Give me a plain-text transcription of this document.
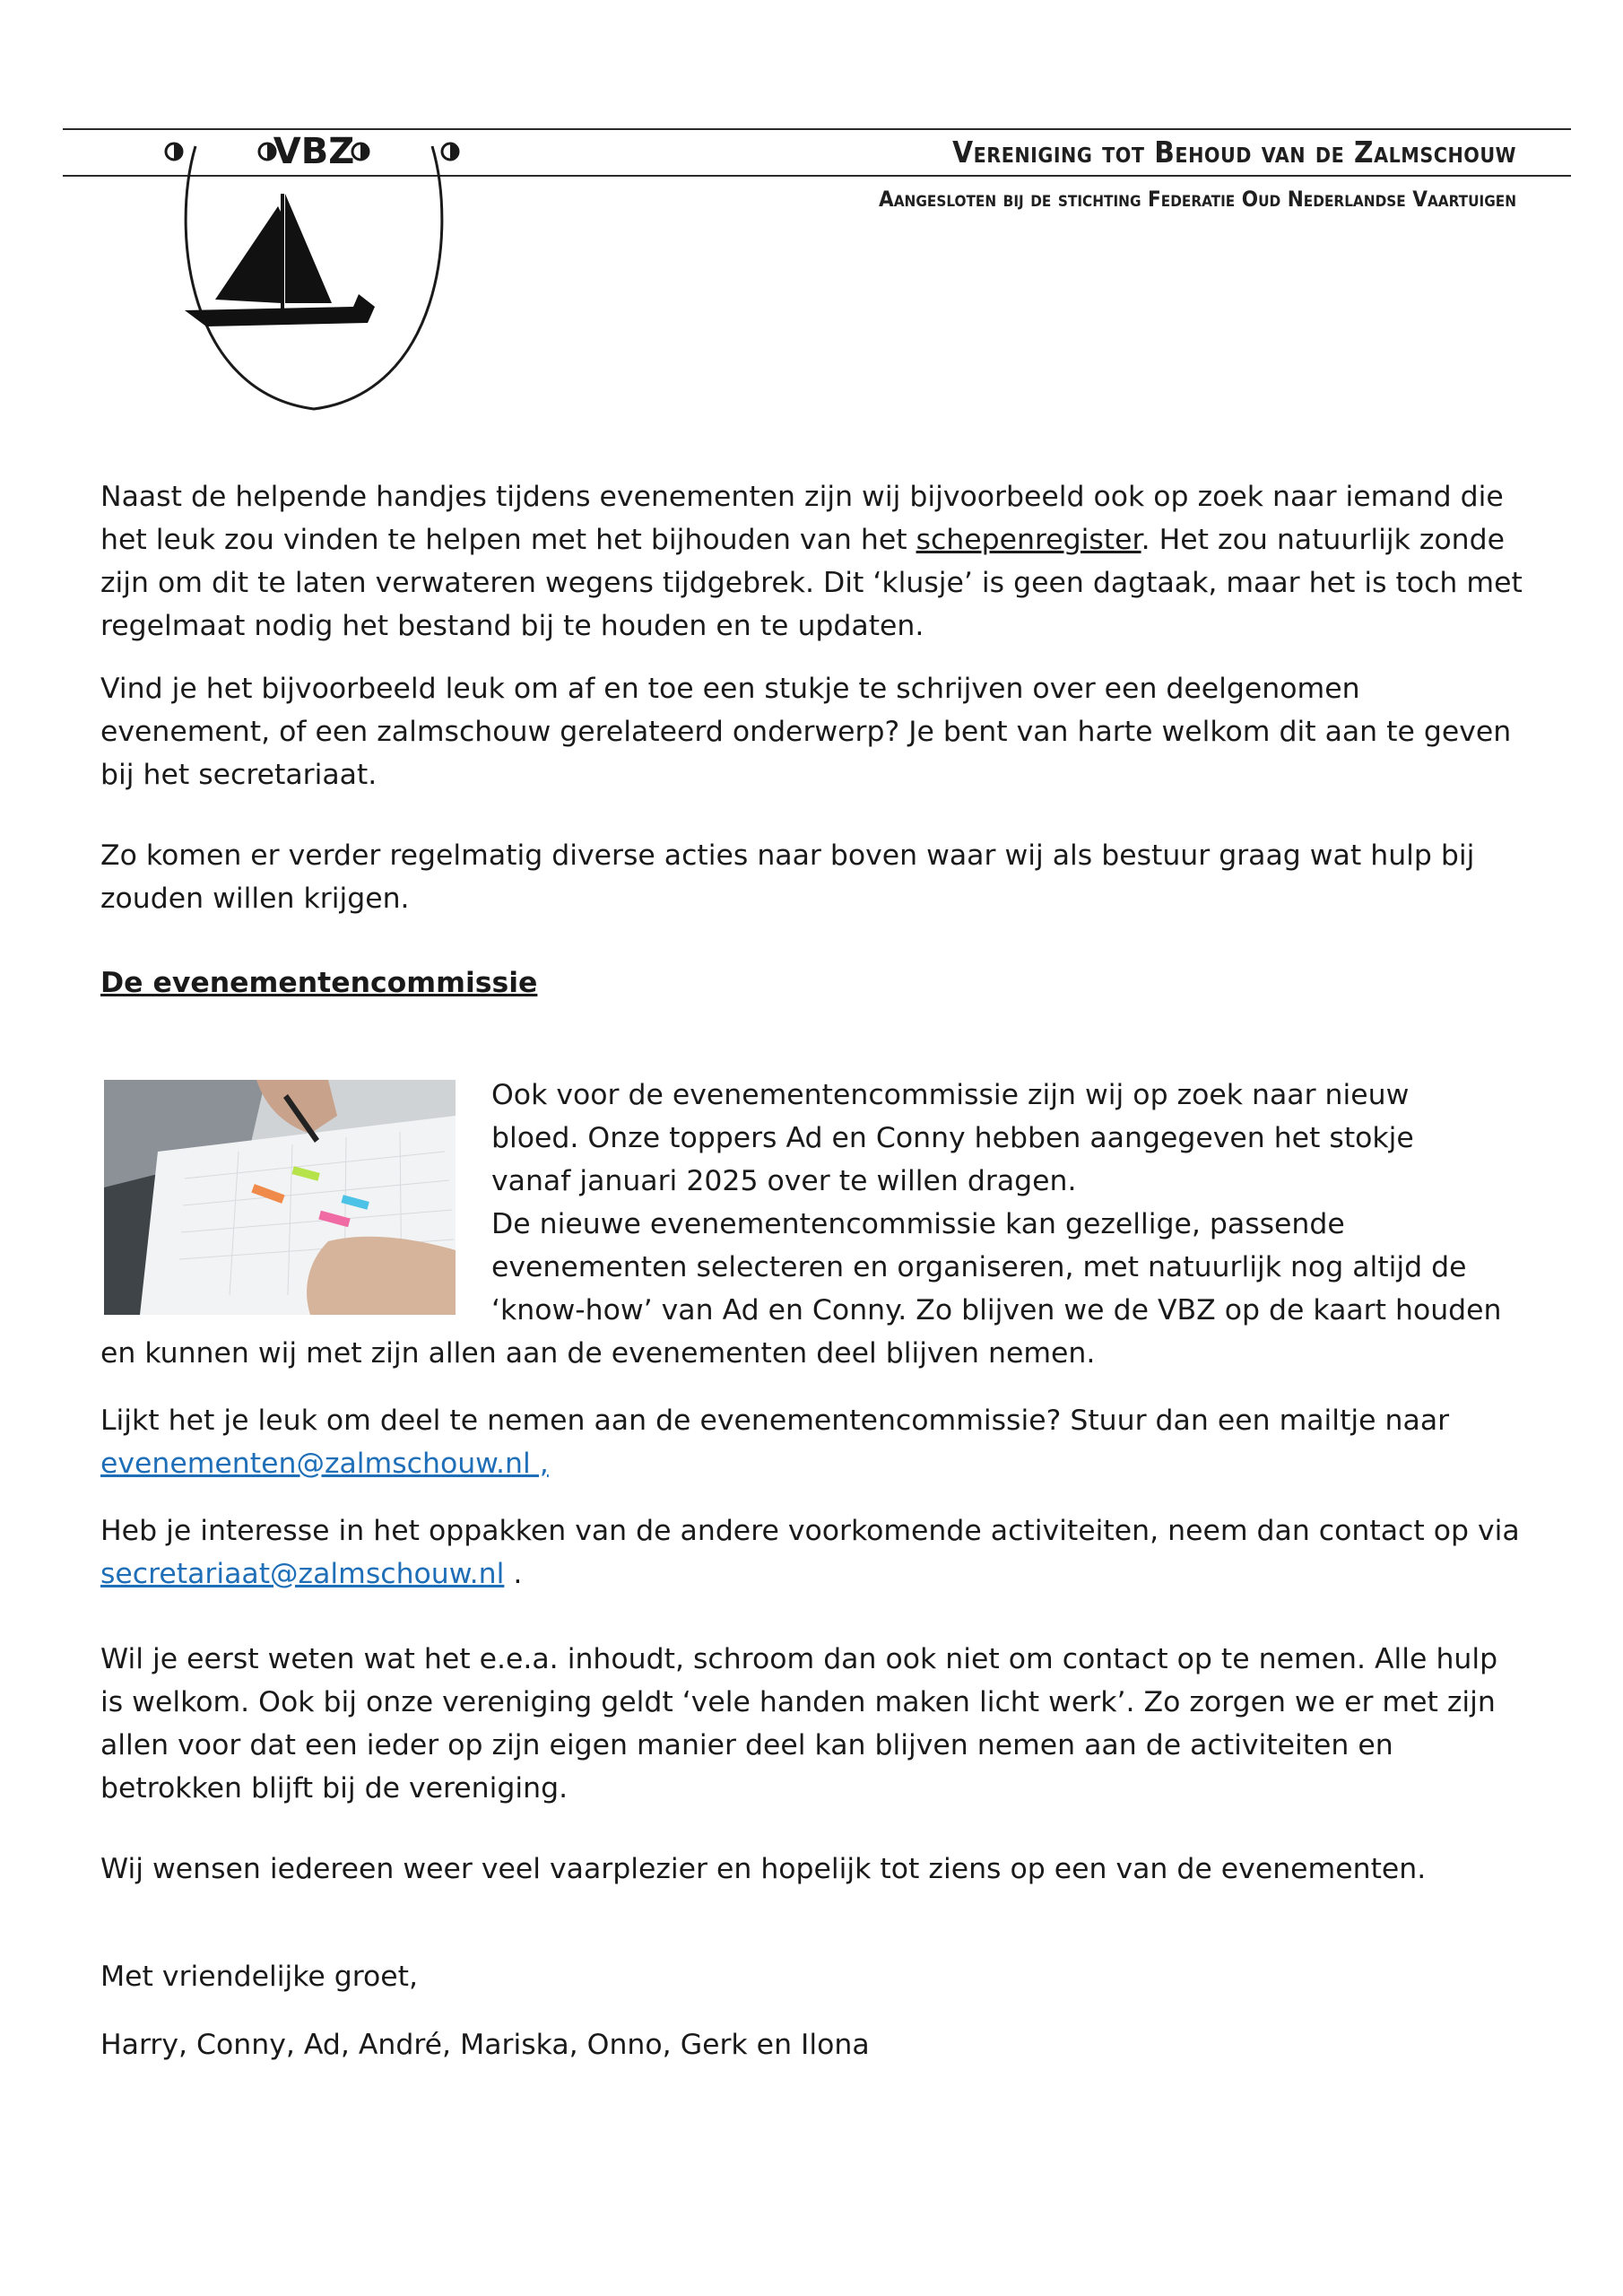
VBZ	Vereniging tot Behoud van de Zalmschouw
Aangesloten bij de stichting Federatie Oud Nederlandse Vaartuigen

Naast de helpende handjes tijdens evenementen zijn wij bijvoorbeeld ook op zoek naar iemand die het leuk zou vinden te helpen met het bijhouden van het schepenregister. Het zou natuurlijk zonde zijn om dit te laten verwateren wegens tijdgebrek. Dit ‘klusje’ is geen dagtaak, maar het is toch met regelmaat nodig het bestand bij te houden en te updaten.

Vind je het bijvoorbeeld leuk om af en toe een stukje te schrijven over een deelgenomen evenement, of een zalmschouw gerelateerd onderwerp? Je bent van harte welkom dit aan te geven bij het secretariaat.

Zo komen er verder regelmatig diverse acties naar boven waar wij als bestuur graag wat hulp bij zouden willen krijgen.

De evenementencommissie

Ook voor de evenementencommissie zijn wij op zoek naar nieuw

bloed. Onze toppers Ad en Conny hebben aangegeven het stokje

vanaf januari 2025 over te willen dragen.

De nieuwe evenementencommissie kan gezellige, passende

evenementen selecteren en organiseren, met natuurlijk nog altijd de

‘know-how’ van Ad en Conny. Zo blijven we de VBZ op de kaart houden

en kunnen wij met zijn allen aan de evenementen deel blijven nemen.

Lijkt het je leuk om deel te nemen aan de evenementencommissie? Stuur dan een mailtje naar
evenementen@zalmschouw.nl ,

Heb je interesse in het oppakken van de andere voorkomende activiteiten, neem dan contact op via
secretariaat@zalmschouw.nl .

Wil je eerst weten wat het e.e.a. inhoudt, schroom dan ook niet om contact op te nemen. Alle hulp is welkom. Ook bij onze vereniging geldt ‘vele handen maken licht werk’. Zo zorgen we er met zijn allen voor dat een ieder op zijn eigen manier deel kan blijven nemen aan de activiteiten en betrokken blijft bij de vereniging.

Wij wensen iedereen weer veel vaarplezier en hopelijk tot ziens op een van de evenementen.

Met vriendelijke groet,

Harry, Conny, Ad, André, Mariska, Onno, Gerk en Ilona
